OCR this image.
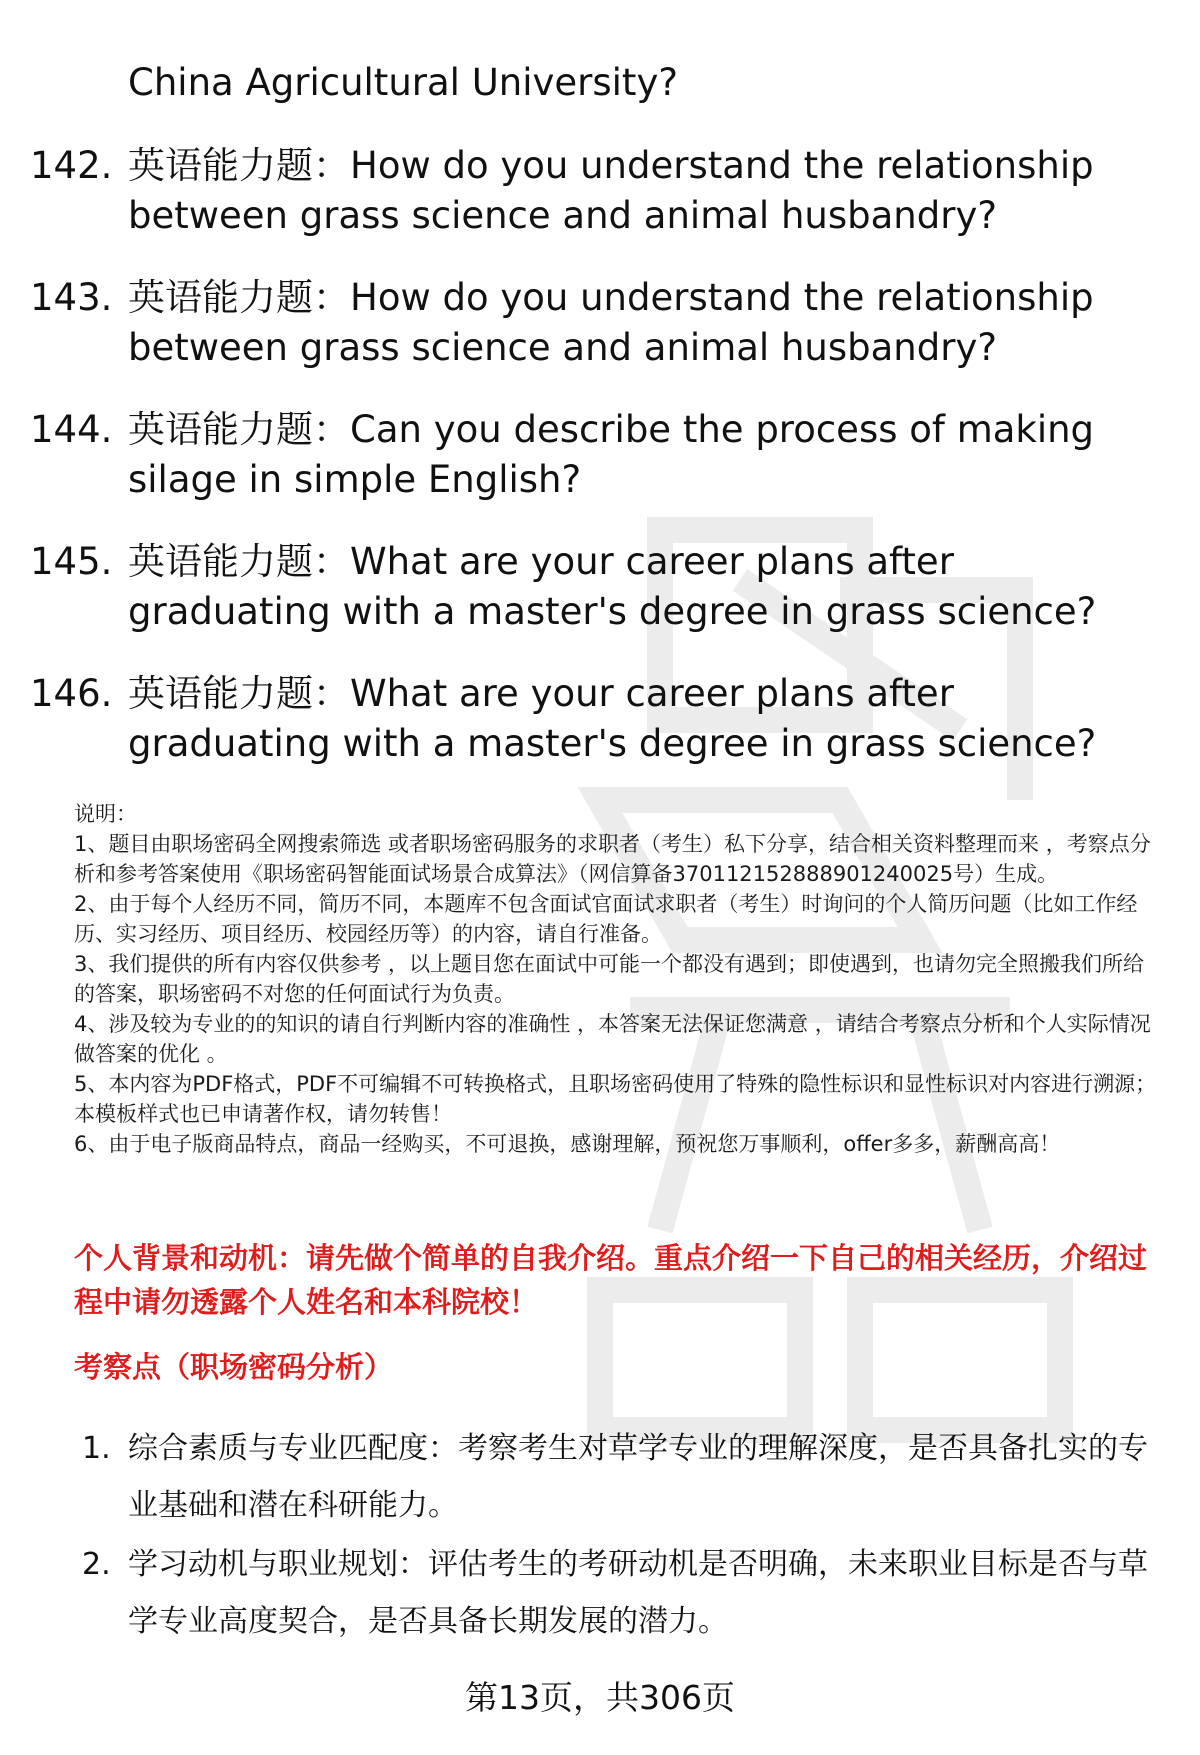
China Agricultural University?
142. 英语能力题：How do you understand the relationship between grass science and animal husbandry?
143. 英语能力题：How do you understand the relationship between grass science and animal husbandry?
144. 英语能力题：Can you describe the process of making silage in simple English?
145. 英语能力题：What are your career plans after graduating with a master's degree in grass science?
146. 英语能力题：What are your career plans after graduating with a master's degree in grass science?

说明：

1、题目由职场密码全网搜索筛选 或者职场密码服务的求职者（考生）私下分享，结合相关资料整理而来 ，考察点分析和参考答案使用《职场密码智能面试场景合成算法》（网信算备370112152888901240025号）生成。

2、由于每个人经历不同，简历不同，本题库不包含面试官面试求职者（考生）时询问的个人简历问题（比如工作经历、实习经历、项目经历、校园经历等）的内容，请自行准备。

3、我们提供的所有内容仅供参考 ，以上题目您在面试中可能一个都没有遇到；即使遇到，也请勿完全照搬我们所给的答案，职场密码不对您的任何面试行为负责。

4、涉及较为专业的的知识的请自行判断内容的准确性 ，本答案无法保证您满意 ，请结合考察点分析和个人实际情况做答案的优化 。

5、本内容为PDF格式，PDF不可编辑不可转换格式，且职场密码使用了特殊的隐性标识和显性标识对内容进行溯源；本模板样式也已申请著作权，请勿转售！

6、由于电子版商品特点，商品一经购买，不可退换，感谢理解，预祝您万事顺利，offer多多，薪酬高高！

个人背景和动机：请先做个简单的自我介绍。重点介绍一下自己的相关经历，介绍过程中请勿透露个人姓名和本科院校！
考察点（职场密码分析）
1. 综合素质与专业匹配度：考察考生对草学专业的理解深度，是否具备扎实的专业基础和潜在科研能力。
2. 学习动机与职业规划：评估考生的考研动机是否明确，未来职业目标是否与草学专业高度契合，是否具备长期发展的潜力。
第13页，共306页
